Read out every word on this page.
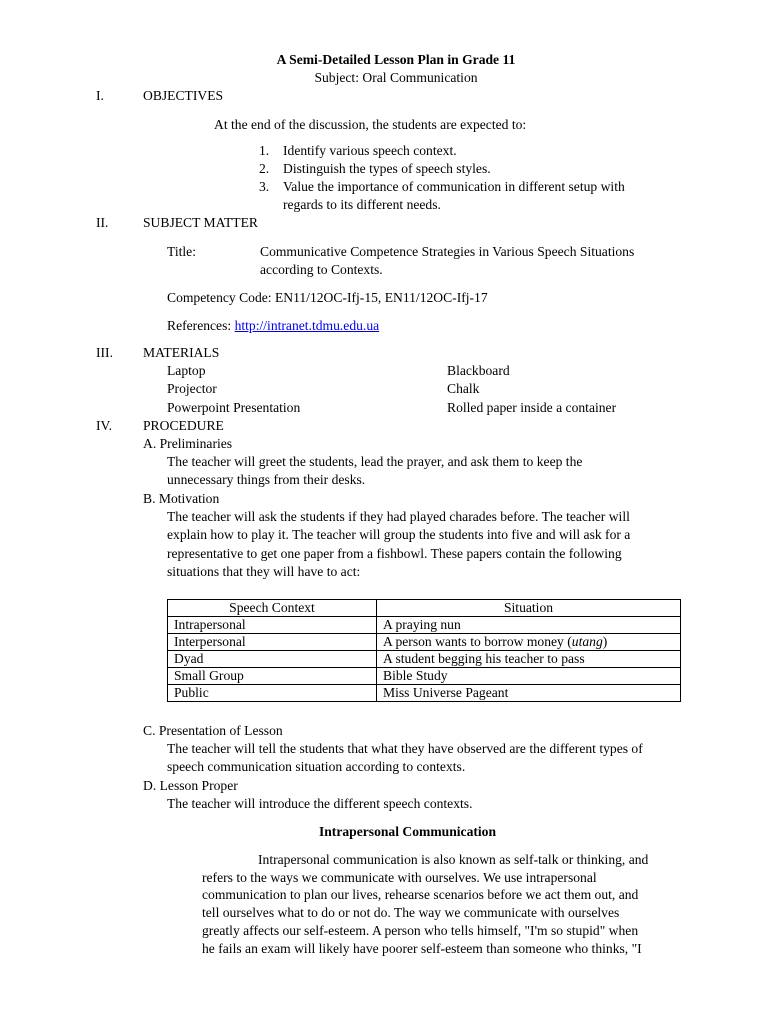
A Semi-Detailed Lesson Plan in Grade 11
Subject: Oral Communication
I.	OBJECTIVES
At the end of the discussion, the students are expected to:
1. Identify various speech context.
2. Distinguish the types of speech styles.
3. Value the importance of communication in different setup with
regards to its different needs.
II.	SUBJECT MATTER
Title:	Communicative Competence Strategies in Various Speech Situations
according to Contexts.
Competency Code: EN11/12OC-Ifj-15, EN11/12OC-Ifj-17
References: http://intranet.tdmu.edu.ua
III. MATERIALS
Laptop	Blackboard
Projector	Chalk
Powerpoint Presentation	Rolled paper inside a container
IV. PROCEDURE
A. Preliminaries
The teacher will greet the students, lead the prayer, and ask them to keep the
unnecessary things from their desks.
B. Motivation
The teacher will ask the students if they had played charades before. The teacher will
explain how to play it. The teacher will group the students into five and will ask for a
representative to get one paper from a fishbowl. These papers contain the following
situations that they will have to act:
Speech Context	Situation
Intrapersonal	A praying nun
Interpersonal	A person wants to borrow money (utang)
Dyad	A student begging his teacher to pass
Small Group	Bible Study
Public	Miss Universe Pageant
C. Presentation of Lesson
The teacher will tell the students that what they have observed are the different types of
speech communication situation according to contexts.
D. Lesson Proper
The teacher will introduce the different speech contexts.
Intrapersonal Communication
Intrapersonal communication is also known as self-talk or thinking, and
refers to the ways we communicate with ourselves. We use intrapersonal
communication to plan our lives, rehearse scenarios before we act them out, and
tell ourselves what to do or not do. The way we communicate with ourselves
greatly affects our self-esteem. A person who tells himself, "I'm so stupid" when
he fails an exam will likely have poorer self-esteem than someone who thinks, "I
